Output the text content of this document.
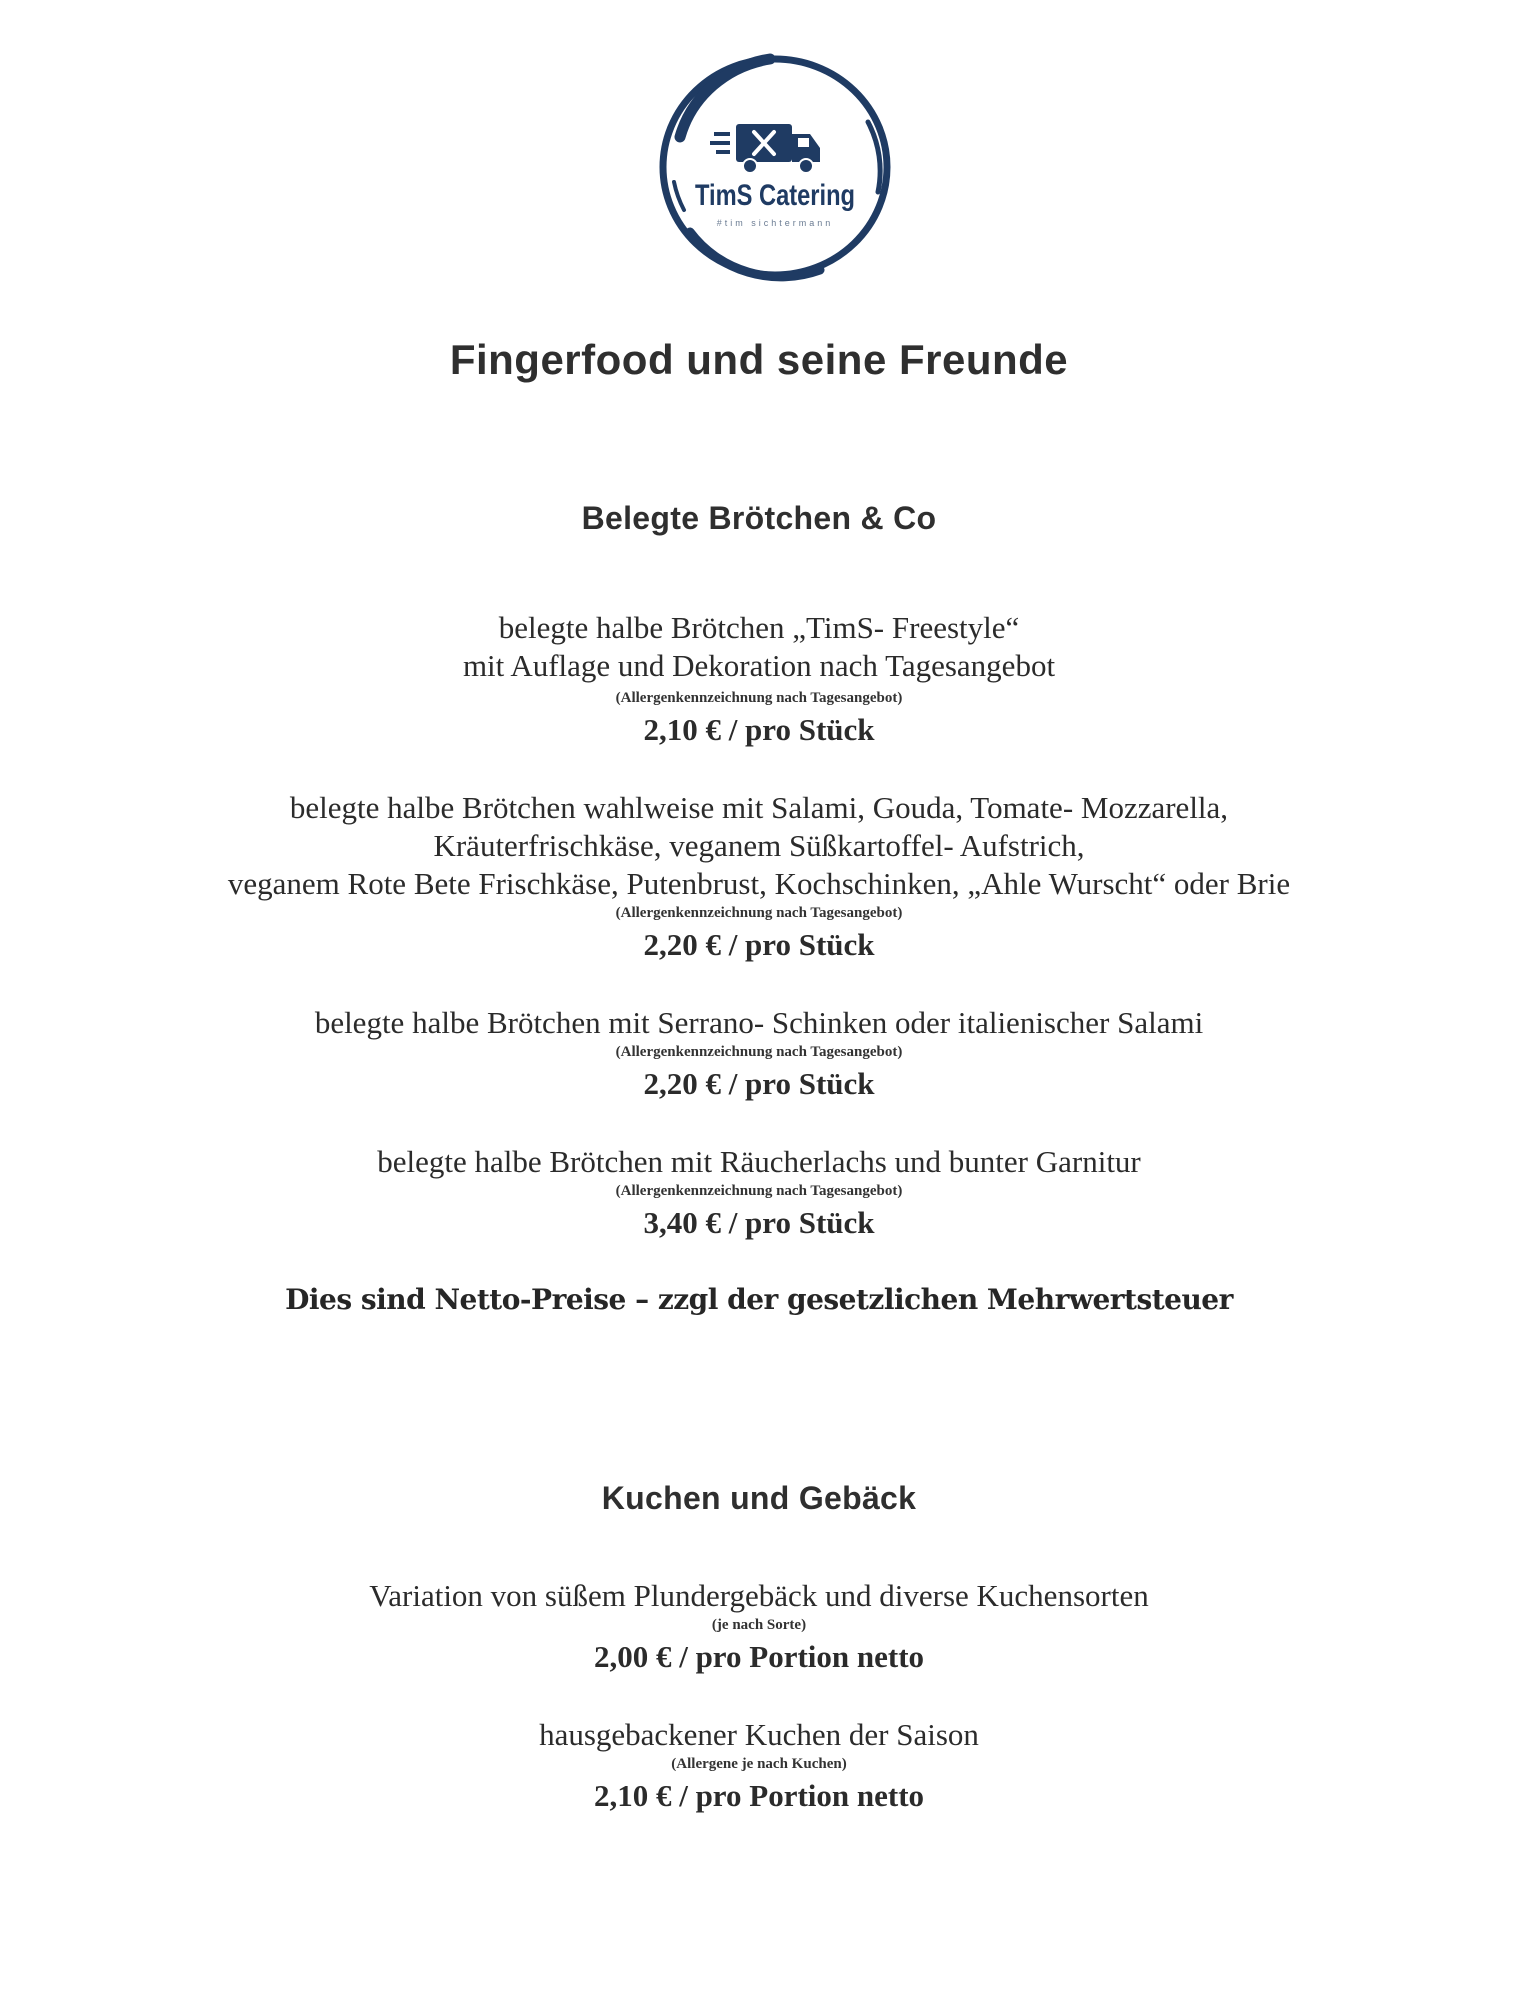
TimS Catering
#tim sichtermann
Fingerfood und seine Freunde
Belegte Brötchen & Co
belegte halbe Brötchen „TimS- Freestyle“
mit Auflage und Dekoration nach Tagesangebot
(Allergenkennzeichnung nach Tagesangebot)
2,10 € / pro Stück
belegte halbe Brötchen wahlweise mit Salami, Gouda, Tomate- Mozzarella,
Kräuterfrischkäse, veganem Süßkartoffel- Aufstrich,
veganem Rote Bete Frischkäse, Putenbrust, Kochschinken, „Ahle Wurscht“ oder Brie
(Allergenkennzeichnung nach Tagesangebot)
2,20 € / pro Stück
belegte halbe Brötchen mit Serrano- Schinken oder italienischer Salami
(Allergenkennzeichnung nach Tagesangebot)
2,20 € / pro Stück
belegte halbe Brötchen mit Räucherlachs und bunter Garnitur
(Allergenkennzeichnung nach Tagesangebot)
3,40 € / pro Stück
Dies sind Netto-Preise – zzgl der gesetzlichen Mehrwertsteuer
Kuchen und Gebäck
Variation von süßem Plundergebäck und diverse Kuchensorten
(je nach Sorte)
2,00 € / pro Portion netto
hausgebackener Kuchen der Saison
(Allergene je nach Kuchen)
2,10 € / pro Portion netto
